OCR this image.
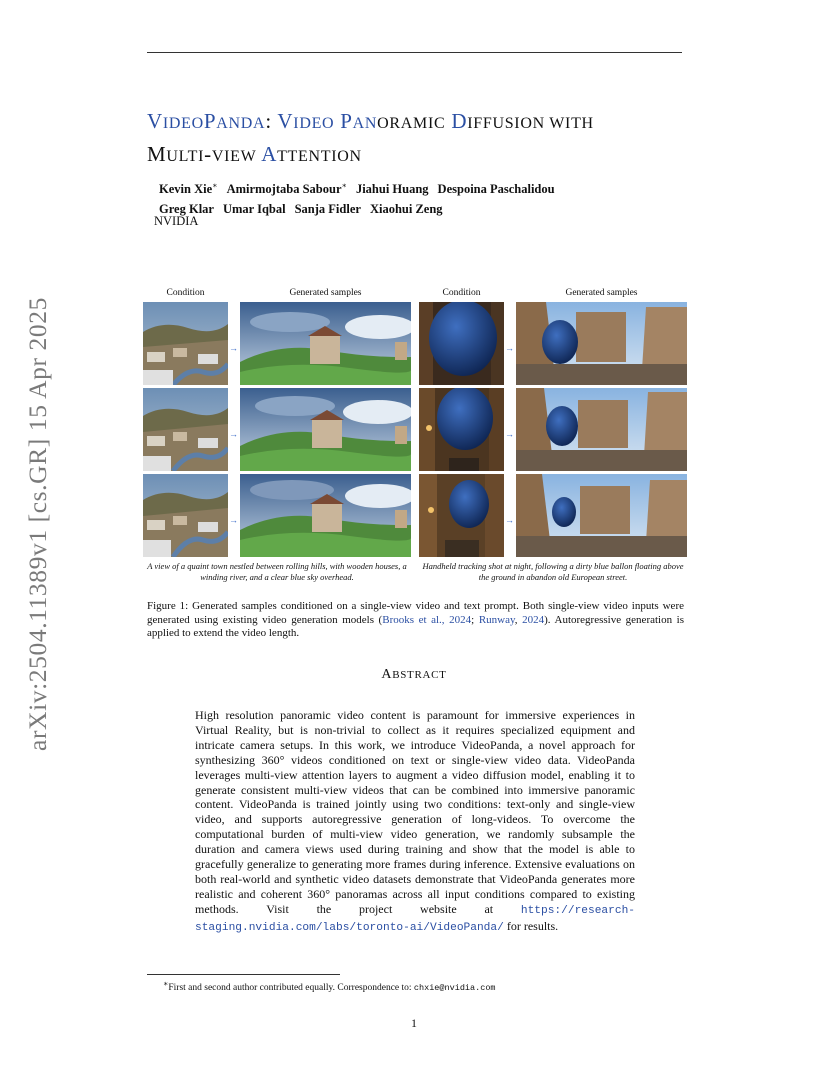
arXiv:2504.11389v1 [cs.GR] 15 Apr 2025
VIDEOPANDA: VIDEO PANORAMIC DIFFUSION WITH
MULTI-VIEW ATTENTION
Kevin Xie∗ Amirmojtaba Sabour∗ Jiahui Huang Despoina Paschalidou
Greg Klar Umar Iqbal Sanja Fidler Xiaohui Zeng
NVIDIA
Condition	Generated samples	Condition	Generated samples
→
→
→
→
→
→
A view of a quaint town nestled between rolling hills, with wooden houses, a winding river, and a clear blue sky overhead.
Handheld tracking shot at night, following a dirty blue ballon floating above the ground in abandon old European street.
Figure 1: Generated samples conditioned on a single-view video and text prompt. Both single-view video inputs were generated using existing video generation models (Brooks et al., 2024; Runway, 2024). Autoregressive generation is applied to extend the video length.
ABSTRACT
High resolution panoramic video content is paramount for immersive experiences in Virtual Reality, but is non-trivial to collect as it requires specialized equipment and intricate camera setups. In this work, we introduce VideoPanda, a novel approach for synthesizing 360° videos conditioned on text or single-view video data. VideoPanda leverages multi-view attention layers to augment a video diffusion model, enabling it to generate consistent multi-view videos that can be combined into immersive panoramic content. VideoPanda is trained jointly using two conditions: text-only and single-view video, and supports autoregressive generation of long-videos. To overcome the computational burden of multi-view video generation, we randomly subsample the duration and camera views used during training and show that the model is able to gracefully generalize to generating more frames during inference. Extensive evaluations on both real-world and synthetic video datasets demonstrate that VideoPanda generates more realistic and coherent 360° panoramas across all input conditions compared to existing methods. Visit the project website at https://research-staging.nvidia.com/labs/toronto-ai/VideoPanda/ for results.
∗First and second author contributed equally. Correspondence to: chxie@nvidia.com
1
